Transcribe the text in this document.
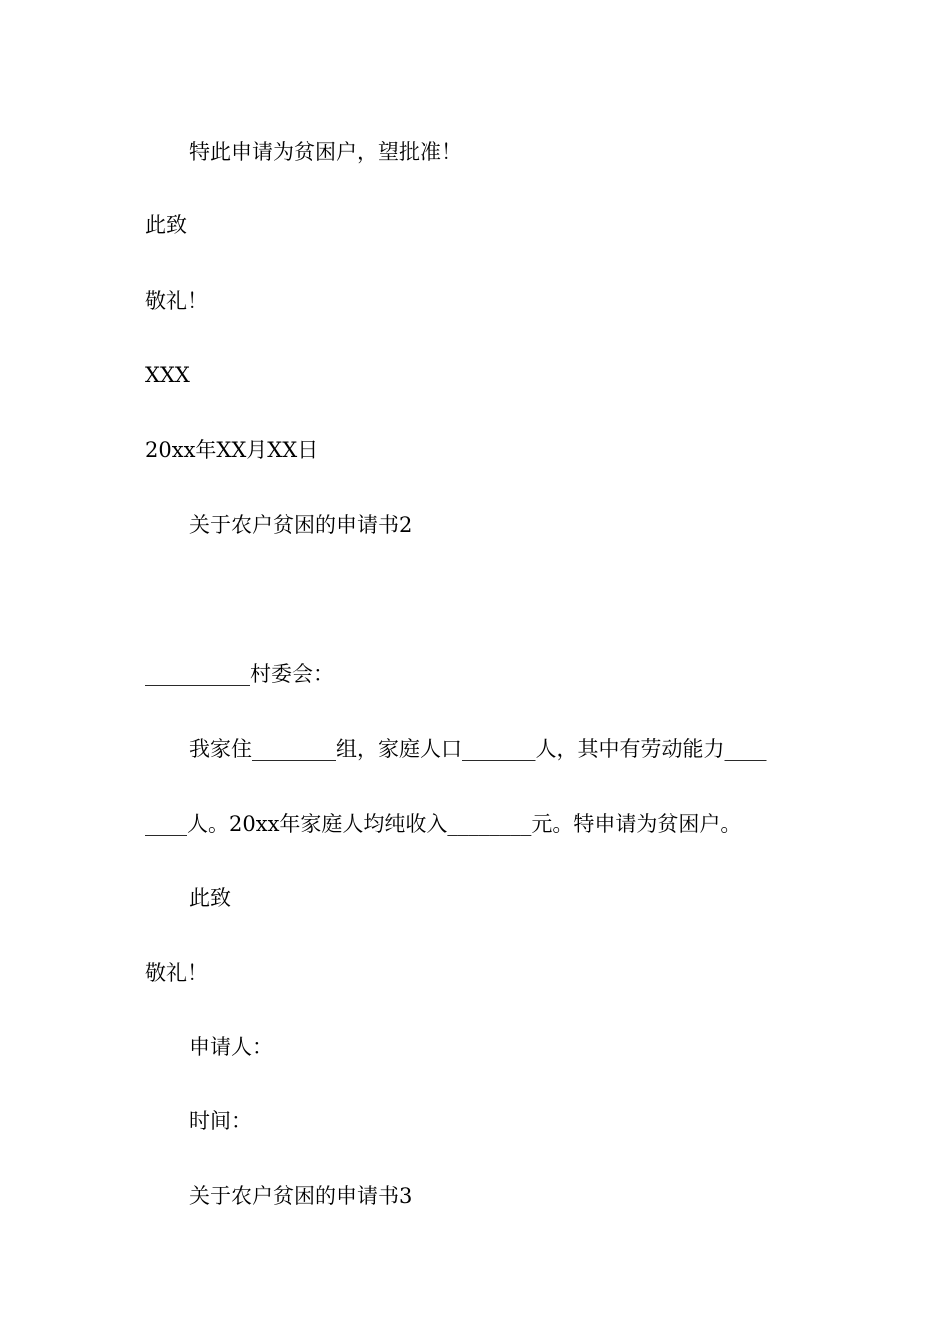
特此申请为贫困户，望批准！
此致
敬礼！
XXX
20xx年XX月XX日
关于农户贫困的申请书2
__________村委会：
我家住________组，家庭人口_______人，其中有劳动能力____
____人。20xx年家庭人均纯收入________元。特申请为贫困户。
此致
敬礼！
申请人：
时间：
关于农户贫困的申请书3
